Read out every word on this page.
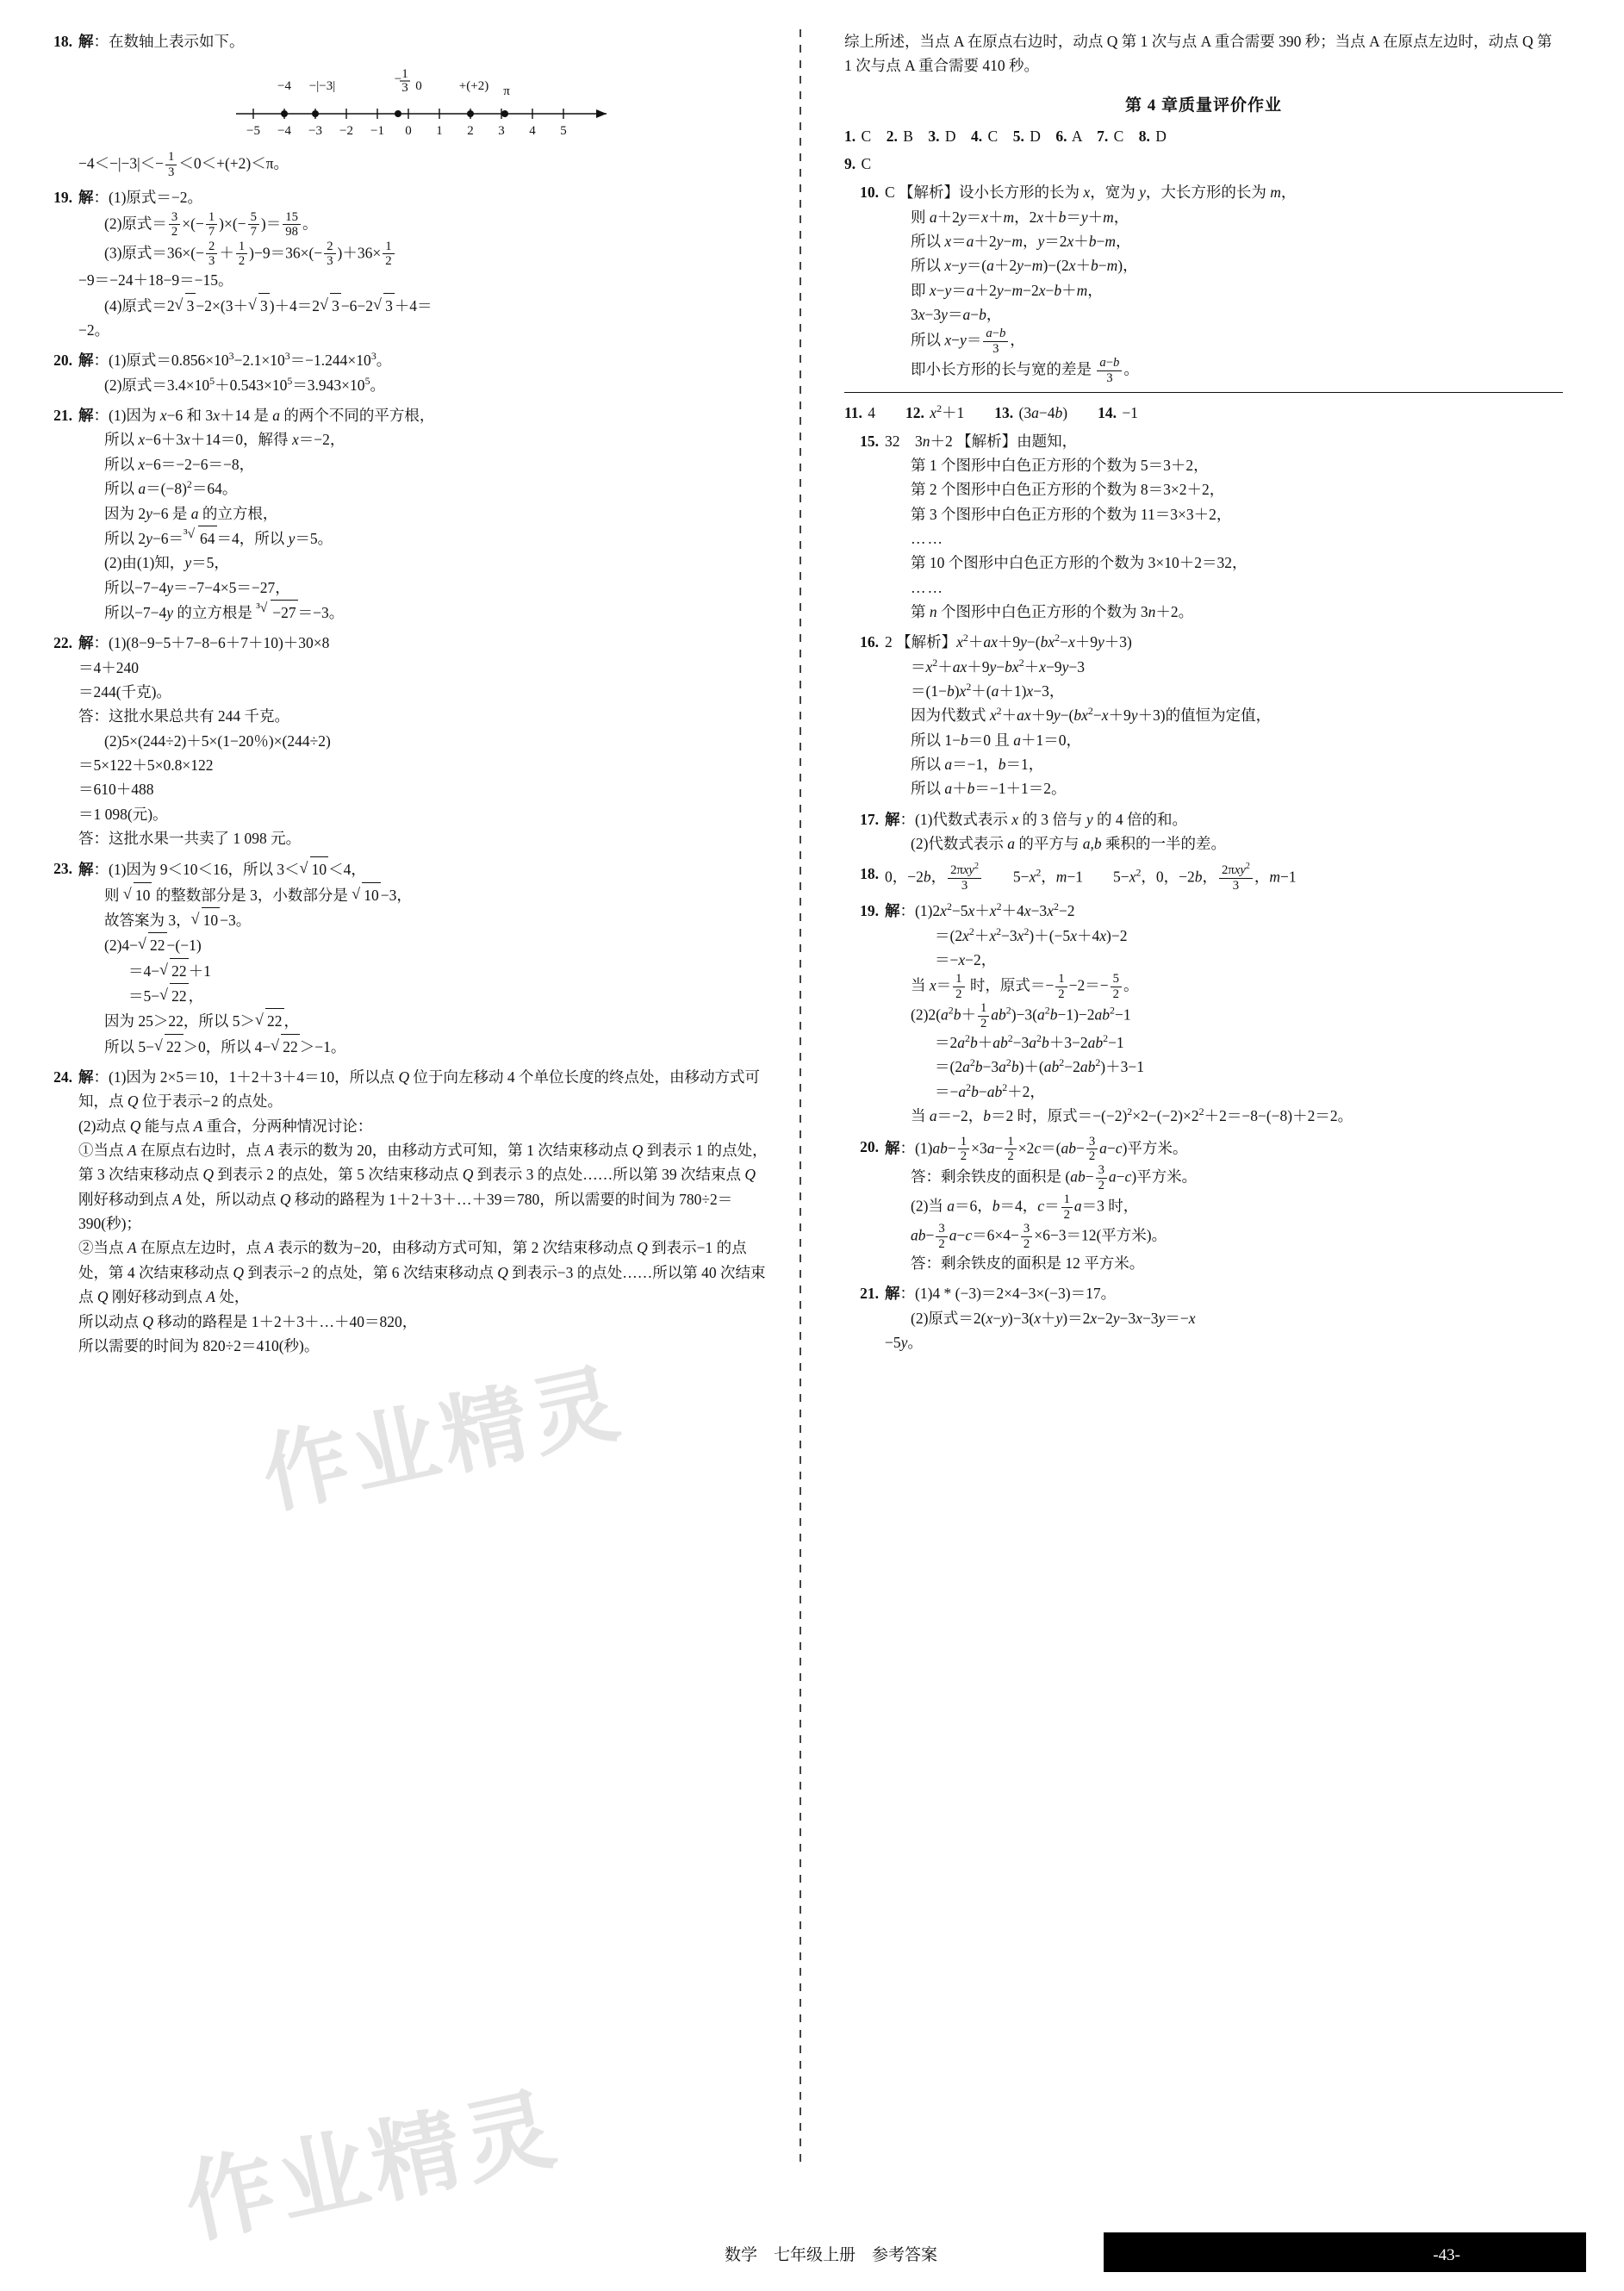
作业精灵
作业精灵
18. 解：在数轴上表示如下。
−5 −4 −3 −2 −1 0 1 2 3 4 5
−4 −|−3|	− 1
3 0	+(+2) π
$-4<-|-3|<- \frac{1}{3} <0<+(+2)<\pi$。
19. 解：(1)原式＝−2。
(2)原式＝ $\frac{3}{2}$ ×(− $\frac{1}{7}$ )×(− $\frac{5}{7}$ )＝ $\frac{15}{98}$ 。
(3)原式$=36\times(- \frac{2}{3} + \frac{1}{2} )-9=36\times(- \frac{2}{3} )+36\times \frac{1}{2}$
−9＝−24＋18−9＝−15。
(4)原式＝2 √ 3 −2×(3＋ √ 3 )＋4＝2 √ 3 −6−2 √ 3 ＋4＝
−2。
20. 解：(1)原式$=0.856\times 10^3-2.1\times 10^3=-1.244\times 10^3$。
(2)原式$=3.4\times 10^5+0.543\times 10^5=3.943\times 10^5$。
21. 解：(1)因为 x−6 和 3x＋14 是 a 的两个不同的平方根，
所以 x−6＋3x＋14＝0，解得 x＝−2，
所以 x−6＝−2−6＝−8，
所以 $a=(-8)^2=64$。
因为 2y−6 是 a 的立方根，
所以 2y−6＝ ³√ 64 ＝4，所以 y＝5。
(2)由(1)知，y＝5，
所以−7−4y＝−7−4×5＝−27，
所以−7−4y 的立方根是 ³√ −27 ＝−3。
22. 解：(1)(8−9−5＋7−8−6＋7＋10)＋30×8
＝4＋240
＝244(千克)。
答：这批水果总共有 244 千克。
(2)5×(244÷2)＋5×(1−20％)×(244÷2)
＝5×122＋5×0.8×122
＝610＋488
＝1 098(元)。
答：这批水果一共卖了 1 098 元。
23. 解：(1)因为 9＜10＜16，所以 3＜ √ 10 ＜4，
则 √ 10 的整数部分是 3，小数部分是 √ 10 −3，
故答案为 3， √ 10 −3。
(2)4− √ 22 −(−1)
＝4− √ 22 ＋1
＝5− √ 22 ，
因为 25＞22，所以 5＞ √ 22 ，
所以 5− √ 22 ＞0，所以 4− √ 22 ＞−1。
24. 解：(1)因为 2×5＝10，1＋2＋3＋4＝10，所以点 Q 位于向左移动 4 个单位长度的终点处，由移动方式可知，点 Q 位于表示−2 的点处。
(2)动点 Q 能与点 A 重合，分两种情况讨论：
①当点 A 在原点右边时，点 A 表示的数为 20，由移动方式可知，第 1 次结束移动点 Q 到表示 1 的点处，第 3 次结束移动点 Q 到表示 2 的点处，第 5 次结束移动点 Q 到表示 3 的点处……所以第 39 次结束点 Q 刚好移动到点 A 处，所以动点 Q 移动的路程为 1＋2＋3＋…＋39＝780，所以需要的时间为 780÷2＝390(秒)；
②当点 A 在原点左边时，点 A 表示的数为−20，由移动方式可知，第 2 次结束移动点 Q 到表示−1 的点处，第 4 次结束移动点 Q 到表示−2 的点处，第 6 次结束移动点 Q 到表示−3 的点处……所以第 40 次结束点 Q 刚好移动到点 A 处，
所以动点 Q 移动的路程是 1＋2＋3＋…＋40＝820，
所以需要的时间为 820÷2＝410(秒)。
综上所述，当点 A 在原点右边时，动点 Q 第 1 次与点 A 重合需要 390 秒；当点 A 在原点左边时，动点 Q 第 1 次与点 A 重合需要 410 秒。
第 4 章质量评价作业
1. C　2. B　3. D　4. C　5. D　6. A　7. C　8. D
9. C
10. C 【解析】设小长方形的长为 x，宽为 y，大长方形的长为 m，
则 a＋2y＝x＋m，2x＋b＝y＋m，
所以 x＝a＋2y−m，y＝2x＋b−m，
所以 x−y＝(a＋2y−m)−(2x＋b−m)，
即 x−y＝a＋2y−m−2x−b＋m，
3x−3y＝a−b，
所以 $x-y= \frac{a-b}{3}$ ，
即小长方形的长与宽的差是 $\frac{a-b}{3}$ 。
11. 4　　12. $x^2+1$　　13. (3a−4b)　　14. −1
15. 32　3n＋2 【解析】由题知，
第 1 个图形中白色正方形的个数为 5＝3＋2，
第 2 个图形中白色正方形的个数为 8＝3×2＋2，
第 3 个图形中白色正方形的个数为 11＝3×3＋2，
……
第 10 个图形中白色正方形的个数为 3×10＋2＝32，
……
第 n 个图形中白色正方形的个数为 3n＋2。
16. 2 【解析】$x^2+ax+9y-(bx^2-x+9y+3)$
$=x^2+ax+9y-bx^2+x-9y-3$
$=(1-b)x^2+(a+1)x-3$，
因为代数式 $x^2+ax+9y-(bx^2-x+9y+3)$的值恒为定值，
所以 1−b＝0 且 a＋1＝0，
所以 a＝−1，b＝1，
所以 a＋b＝−1＋1＝2。
17. 解：(1)代数式表示 x 的 3 倍与 y 的 4 倍的和。
(2)代数式表示 a 的平方与 a,b 乘积的一半的差。
18. 0，−2b， $\frac{2\pi xy^2}{3}$ 　　$5-x^2$，m−1　　$5-x^2$，0，−2b， $\frac{2\pi xy^2}{3}$ ，m−1
19. 解：$(1)2x^2-5x+x^2+4x-3x^2-2$
$=(2x^2+x^2-3x^2)+(-5x+4x)-2$
＝−x−2，
当 $x= \frac{1}{2}$ 时，原式＝− $\frac{1}{2} -2=- \frac{5}{2}$ 。
$(2)2(a^2b+ \frac{1}{2} ab^2)-3(a^2b-1)-2ab^2-1$
$=2a^2b+ab^2-3a^2b+3-2ab^2-1$
$=(2a^2b-3a^2b)+(ab^2-2ab^2)+3-1$
$=-a^2b-ab^2+2$，
当 a＝−2，b＝2 时，原式$=-(-2)^2\times 2-(-2)\times 2^2+2=-8-(-8)+2=2$。
20. 解：$(1)ab- \frac{1}{2} \times 3a- \frac{1}{2} \times 2c=(ab- \frac{3}{2} a-c)$平方米。
答：剩余铁皮的面积是 $(ab- \frac{3}{2} a-c)$平方米。
(2)当 a＝6，b＝4，$c= \frac{1}{2} a=3$ 时，
$ab- \frac{3}{2} a-c=6\times 4- \frac{3}{2} \times 6-3=12$(平方米)。
答：剩余铁皮的面积是 12 平方米。
21. 解：(1)4 * (−3)＝2×4−3×(−3)＝17。
(2)原式＝2(x−y)−3(x＋y)＝2x−2y−3x−3y＝−x
−5y。
数学 七年级上册 参考答案	-43-
